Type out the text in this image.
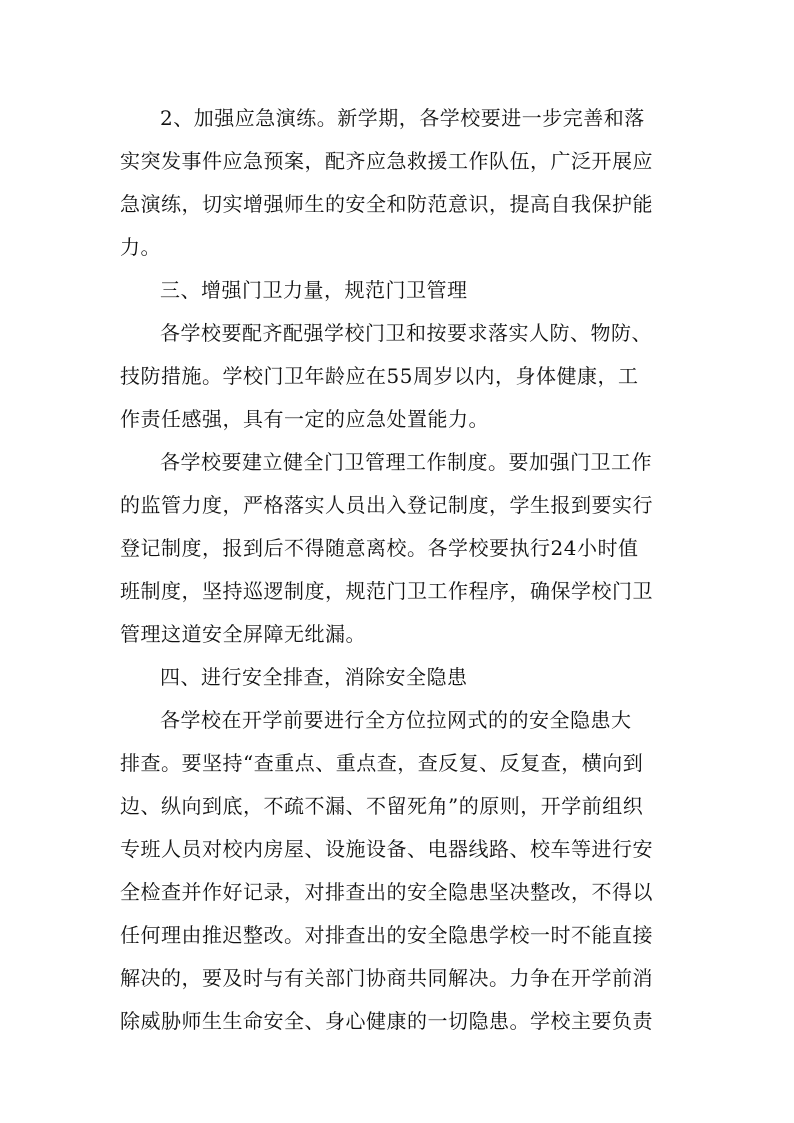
2、加强应急演练。新学期，各学校要进一步完善和落
实突发事件应急预案，配齐应急救援工作队伍，广泛开展应
急演练，切实增强师生的安全和防范意识，提高自我保护能
力。
三、增强门卫力量，规范门卫管理
各学校要配齐配强学校门卫和按要求落实人防、物防、
技防措施。学校门卫年龄应在55周岁以内，身体健康，工
作责任感强，具有一定的应急处置能力。
各学校要建立健全门卫管理工作制度。要加强门卫工作
的监管力度，严格落实人员出入登记制度，学生报到要实行
登记制度，报到后不得随意离校。各学校要执行24小时值
班制度，坚持巡逻制度，规范门卫工作程序，确保学校门卫
管理这道安全屏障无纰漏。
四、进行安全排查，消除安全隐患
各学校在开学前要进行全方位拉网式的的安全隐患大
排查。要坚持“查重点、重点查，查反复、反复查，横向到
边、纵向到底，不疏不漏、不留死角”的原则，开学前组织
专班人员对校内房屋、设施设备、电器线路、校车等进行安
全检查并作好记录，对排查出的安全隐患坚决整改，不得以
任何理由推迟整改。对排查出的安全隐患学校一时不能直接
解决的，要及时与有关部门协商共同解决。力争在开学前消
除威胁师生生命安全、身心健康的一切隐患。学校主要负责
